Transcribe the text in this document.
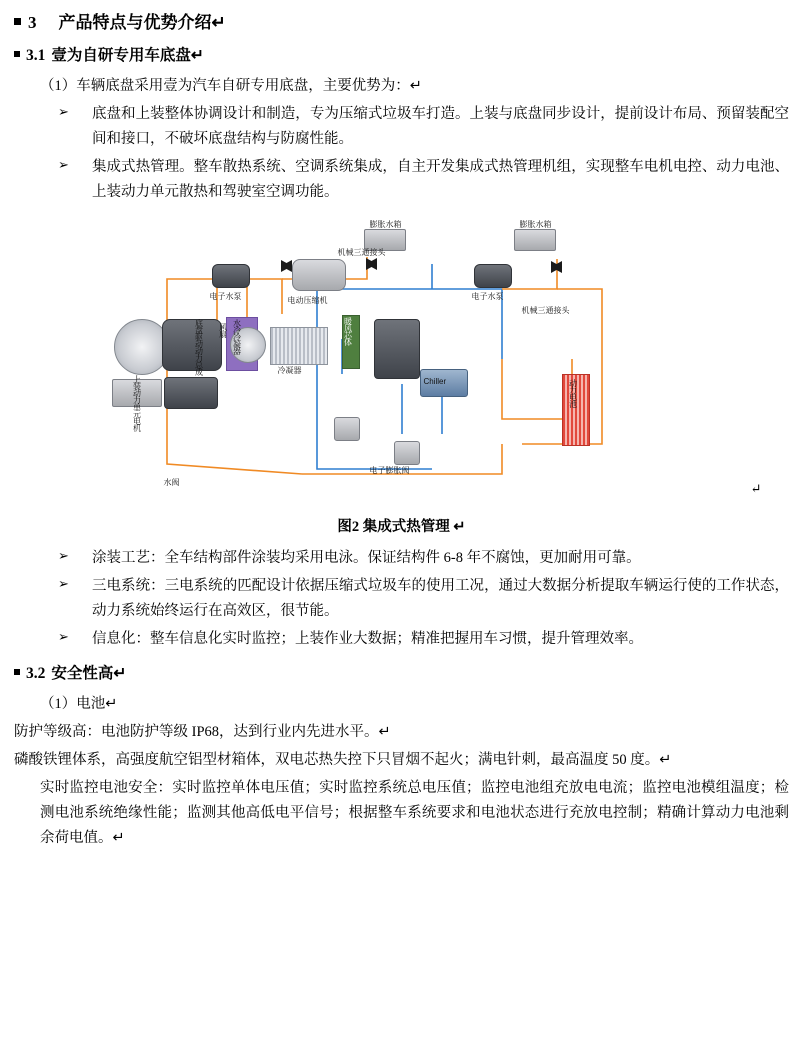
3 产品特点与优势介绍 ↵
3.1 壹为自研专用车底盘 ↵

（1）车辆底盘采用壹为汽车自研专用底盘，主要优势为：↵

➢	底盘和上装整体协调设计和制造，专为压缩式垃圾车打造。上装与底盘同步设计，提前设计布局、预留装配空间和接口，不破坏底盘结构与防腐性能。
➢	集成式热管理。整车散热系统、空调系统集成，自主开发集成式热管理机组，实现整车电机电控、动力电池、上装动力单元散热和驾驶室空调功能。
膨胀水箱	膨胀水箱
机械三通接头
电子水泵	电动压缩机	电子水泵
机械三通接头
冷凝器
Chiller
电子膨胀阀
水阀
上装动力单元电机
底盘驱动动力总成 风扇 水冷冷凝器	暖风芯体
动力电池
↵
图2 集成式热管理 ↵
➢	涂装工艺：全车结构部件涂装均采用电泳。保证结构件 6-8 年不腐蚀，更加耐用可靠。
➢	三电系统：三电系统的匹配设计依据压缩式垃圾车的使用工况，通过大数据分析提取车辆运行使的工作状态，动力系统始终运行在高效区，很节能。
➢	信息化：整车信息化实时监控；上装作业大数据；精准把握用车习惯，提升管理效率。
3.2 安全性高 ↵

（1）电池↵

防护等级高：电池防护等级 IP68，达到行业内先进水平。↵

磷酸铁锂体系，高强度航空铝型材箱体，双电芯热失控下只冒烟不起火；满电针刺，最高温度 50 度。↵

实时监控电池安全：实时监控单体电压值；实时监控系统总电压值；监控电池组充放电电流；监控电池模组温度；检测电池系统绝缘性能；监测其他高低电平信号；根据整车系统要求和电池状态进行充放电控制；精确计算动力电池剩余荷电值。↵
